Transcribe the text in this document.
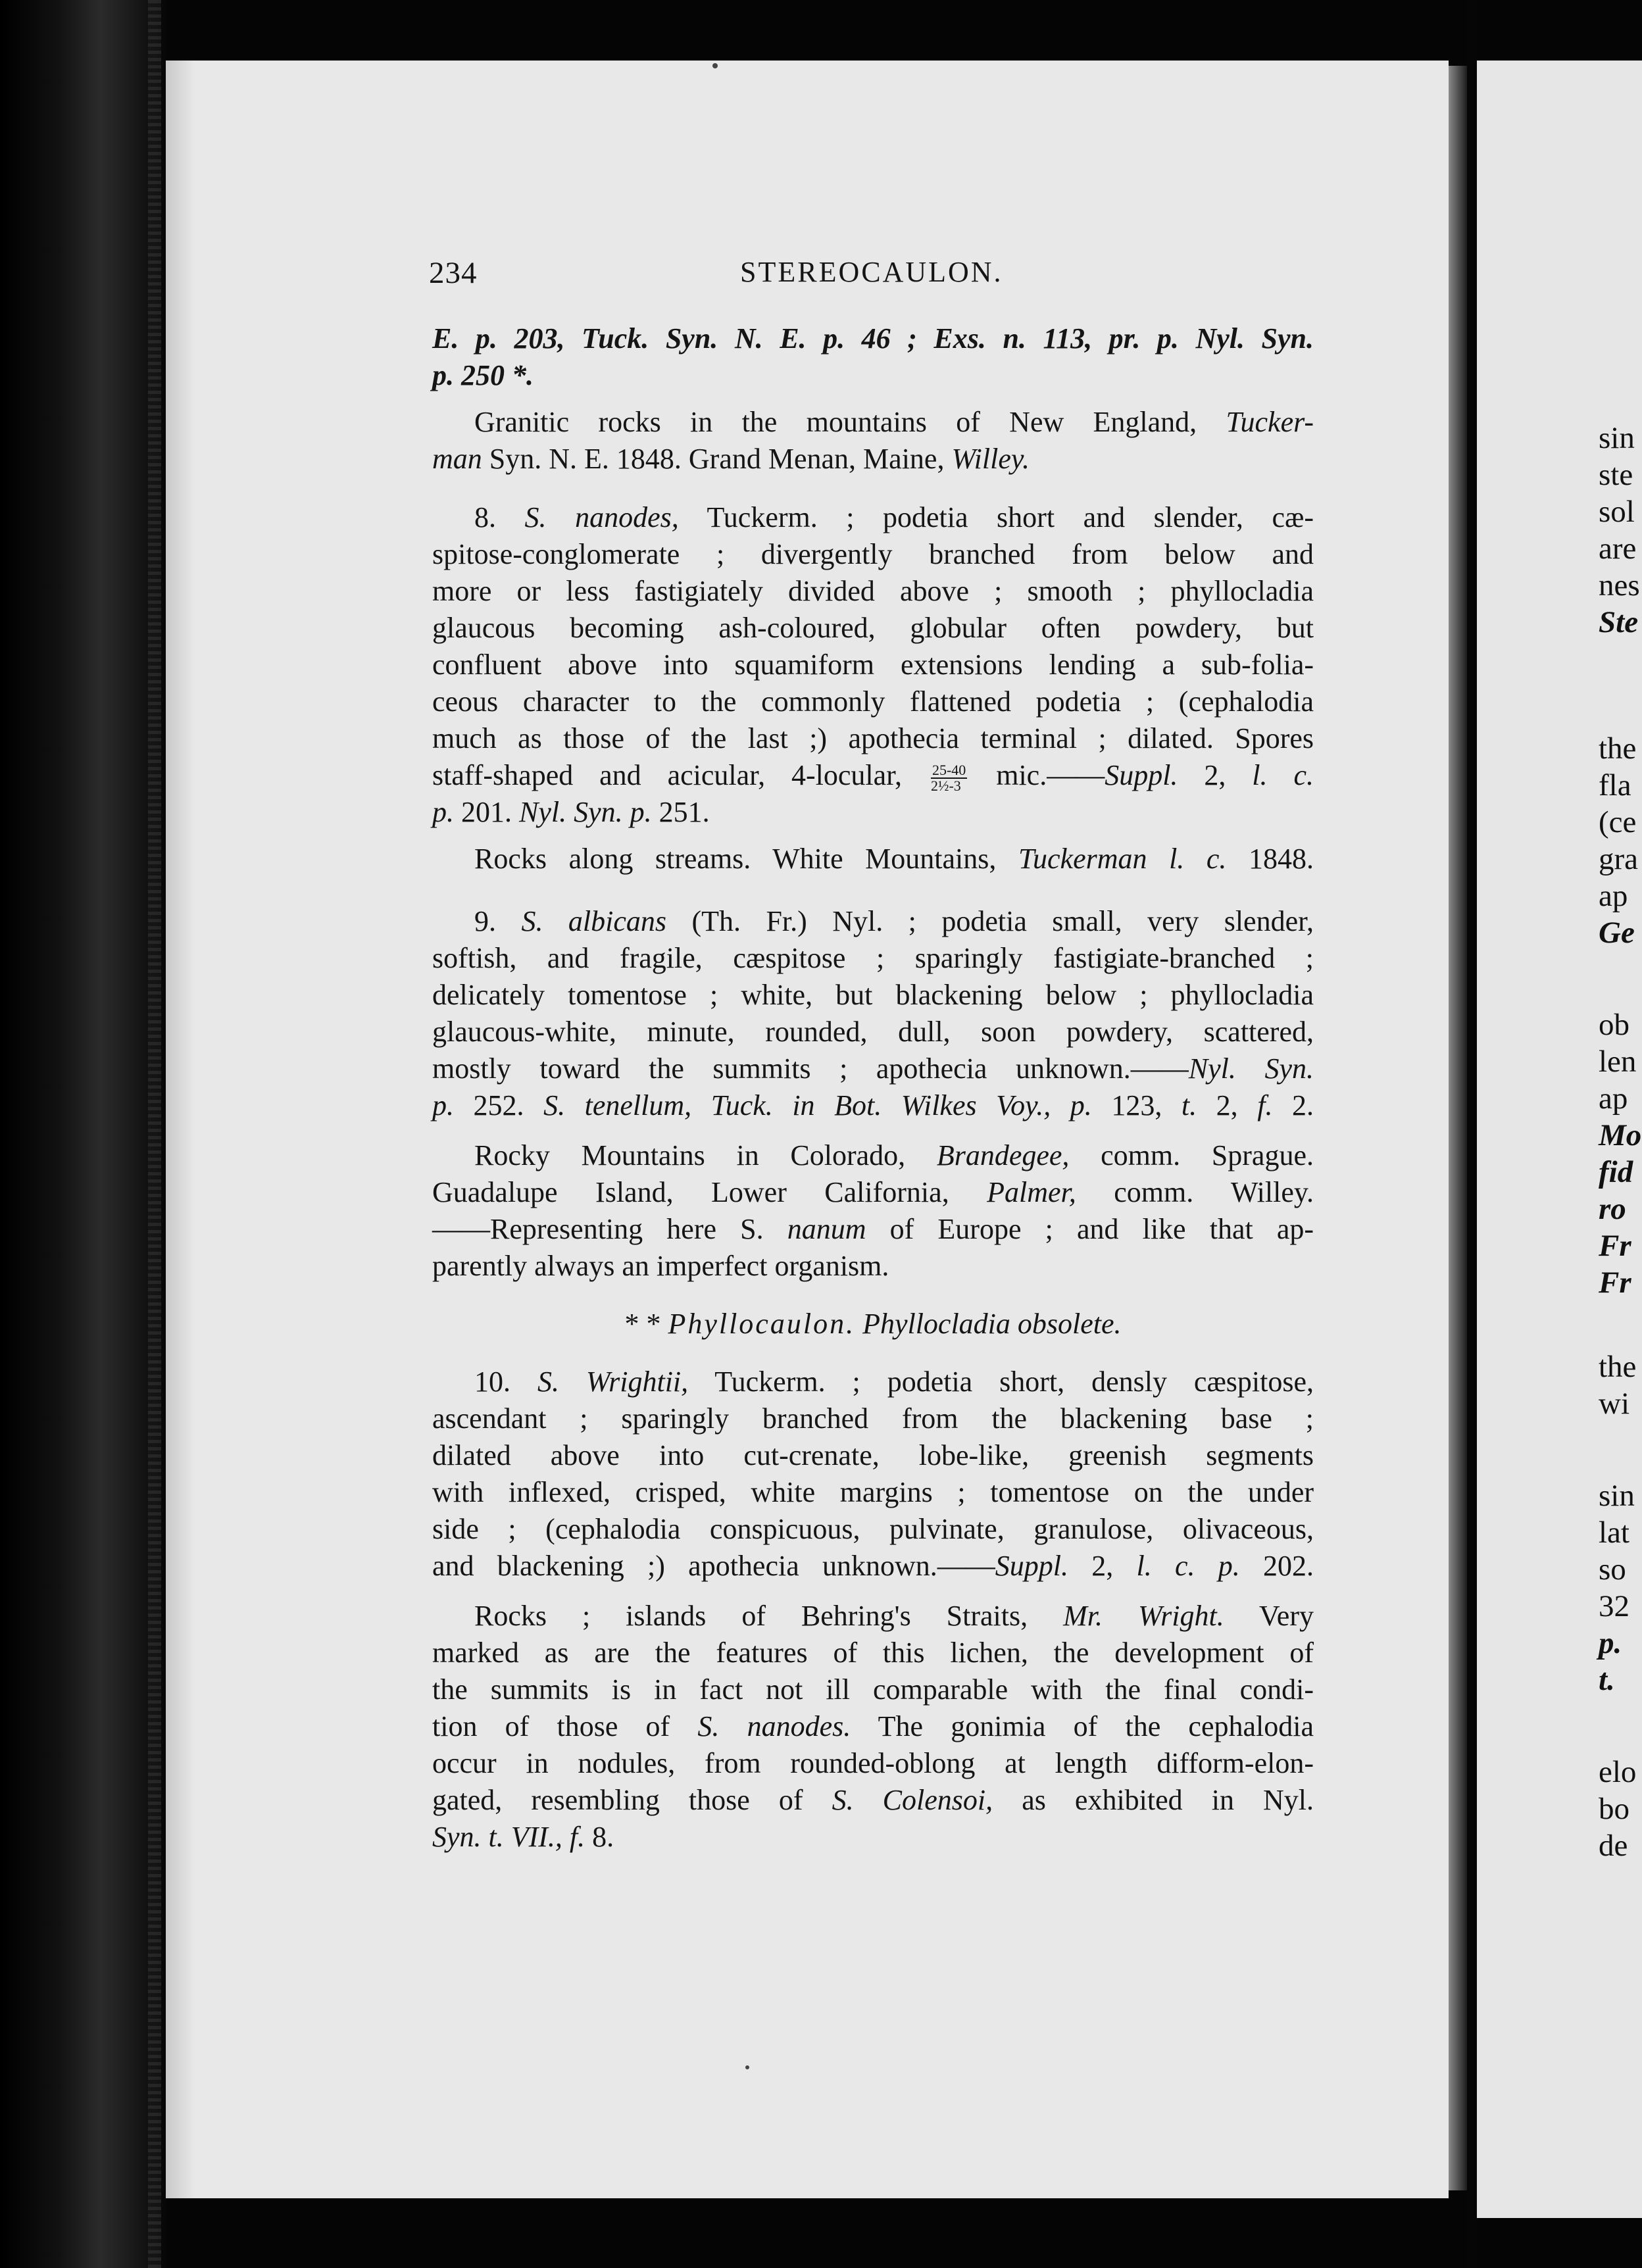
234	STEREOCAULON.
E. p. 203, Tuck. Syn. N. E. p. 46 ; Exs. n. 113, pr. p. Nyl. Syn.
p. 250 *.
Granitic rocks in the mountains of New England, Tucker-
man Syn. N. E. 1848. Grand Menan, Maine, Willey.
8. S. nanodes, Tuckerm. ; podetia short and slender, cæ-
spitose-conglomerate ; divergently branched from below and
more or less fastigiately divided above ; smooth ; phyllocladia
glaucous becoming ash-coloured, globular often powdery, but
confluent above into squamiform extensions lending a sub-folia-
ceous character to the commonly flattened podetia ; (cephalodia
much as those of the last ;) apothecia terminal ; dilated. Spores
staff-shaped and acicular, 4-locular, $\frac{25-40}{\text{2½-3}}$ mic.——Suppl. 2, l. c.
p. 201. Nyl. Syn. p. 251.
Rocks along streams. White Mountains, Tuckerman l. c. 1848.
9. S. albicans (Th. Fr.) Nyl. ; podetia small, very slender,
softish, and fragile, cæspitose ; sparingly fastigiate-branched ;
delicately tomentose ; white, but blackening below ; phyllocladia
glaucous-white, minute, rounded, dull, soon powdery, scattered,
mostly toward the summits ; apothecia unknown.——Nyl. Syn.
p. 252. S. tenellum, Tuck. in Bot. Wilkes Voy., p. 123, t. 2, f. 2.
Rocky Mountains in Colorado, Brandegee, comm. Sprague.
Guadalupe Island, Lower California, Palmer, comm. Willey.
——Representing here S. nanum of Europe ; and like that ap-
parently always an imperfect organism.
* * Phyllocaulon. Phyllocladia obsolete.
10. S. Wrightii, Tuckerm. ; podetia short, densly cæspitose,
ascendant ; sparingly branched from the blackening base ;
dilated above into cut-crenate, lobe-like, greenish segments
with inflexed, crisped, white margins ; tomentose on the under
side ; (cephalodia conspicuous, pulvinate, granulose, olivaceous,
and blackening ;) apothecia unknown.——Suppl. 2, l. c. p. 202.
Rocks ; islands of Behring's Straits, Mr. Wright. Very
marked as are the features of this lichen, the development of
the summits is in fact not ill comparable with the final condi-
tion of those of S. nanodes. The gonimia of the cephalodia
occur in nodules, from rounded-oblong at length difform-elon-
gated, resembling those of S. Colensoi, as exhibited in Nyl.
Syn. t. VII., f. 8.
sin
ste
sol
are
nes
Ste
the
fla
(ce
gra
ap
Ge
ob
len
ap
Mo
fid
ro
Fr
Fr
the
wi
sin
lat
so
32
p.
t.
elo
bo
de
